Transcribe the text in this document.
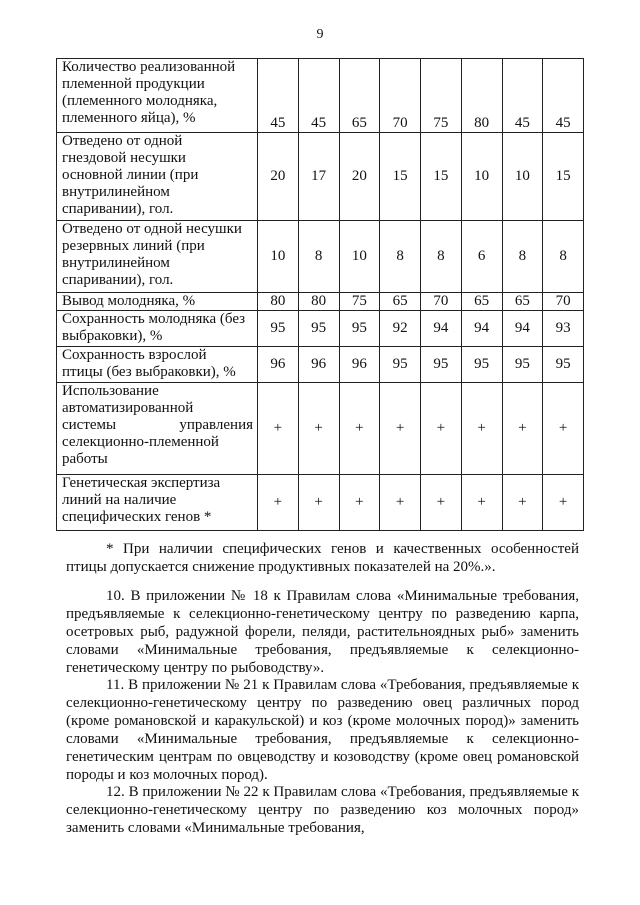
9
Количество реализованной
племенной продукции
(племенного молодняка,
племенного яйца), %	45	45	65	70	75	80	45	45

Отведено от одной
гнездовой несушки
основной линии (при
внутрилинейном
спаривании), гол.	20	17	20	15	15	10	10	15

Отведено от одной несушки
резервных линий (при
внутрилинейном
спаривании), гол.	10	8	10	8	8	6	8	8

Вывод молодняка, %	80	80	75	65	70	65	65	70

Сохранность молодняка (без
выбраковки), %	95	95	95	92	94	94	94	93

Сохранность взрослой
птицы (без выбраковки), %	96	96	96	95	95	95	95	95

Использование
автоматизированной
системы управления
селекционно-племенной
работы	+	+	+	+	+	+	+	+

Генетическая экспертиза
линий на наличие
специфических генов *	+	+	+	+	+	+	+	+

* При наличии специфических генов и качественных особенностей птицы допускается снижение продуктивных показателей на 20%.».

10. В приложении № 18 к Правилам слова «Минимальные требования, предъявляемые к селекционно-генетическому центру по разведению карпа, осетровых рыб, радужной форели, пеляди, растительноядных рыб» заменить словами «Минимальные требования, предъявляемые к селекционно-генетическому центру по рыбоводству».

11. В приложении № 21 к Правилам слова «Требования, предъявляемые к селекционно-генетическому центру по разведению овец различных пород (кроме романовской и каракульской) и коз (кроме молочных пород)» заменить словами «Минимальные требования, предъявляемые к селекционно-генетическим центрам по овцеводству и козоводству (кроме овец романовской породы и коз молочных пород).

12. В приложении № 22 к Правилам слова «Требования, предъявляемые к селекционно-генетическому центру по разведению коз молочных пород» заменить словами «Минимальные требования,
